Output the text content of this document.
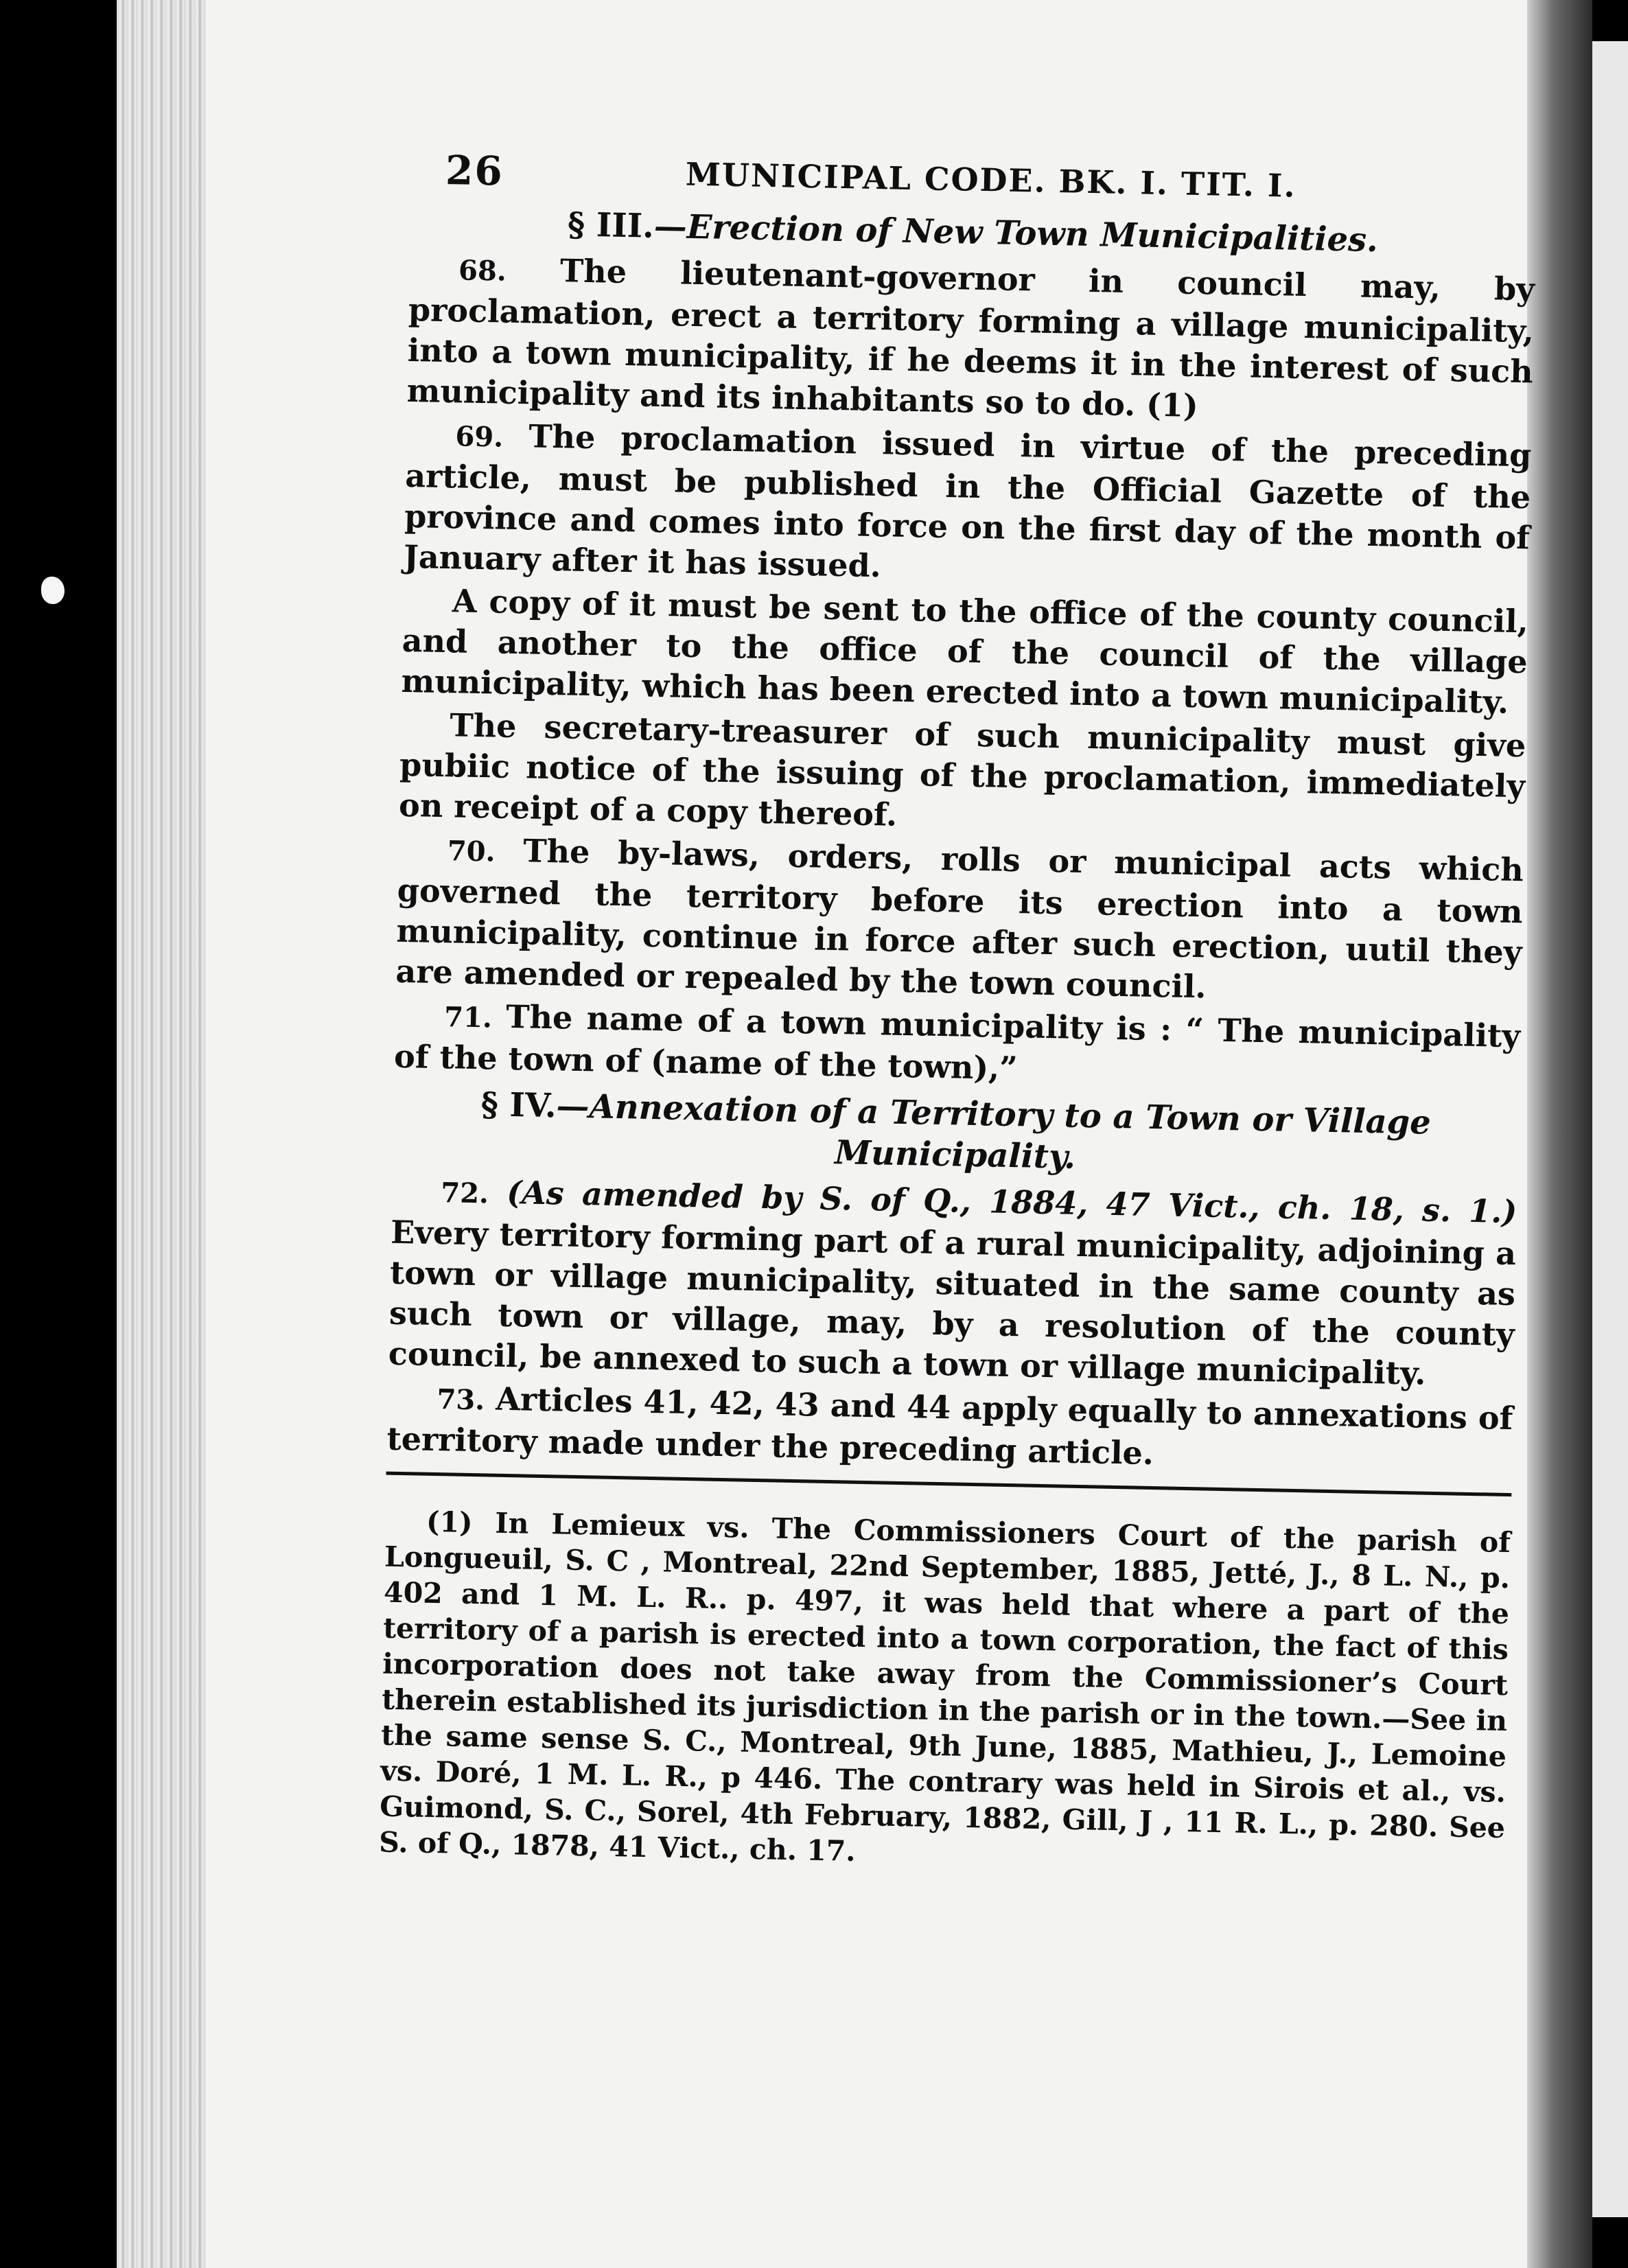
26	MUNICIPAL CODE. BK. I. TIT. I.
§ III.—Erection of New Town Municipalities.

68. The lieutenant-governor in council may, by proclamation, erect a territory forming a village municipality, into a town municipality, if he deems it in the interest of such municipality and its inhabitants so to do. (1)

69. The proclamation issued in virtue of the preceding article, must be published in the Official Gazette of the province and comes into force on the first day of the month of January after it has issued.

A copy of it must be sent to the office of the county council, and another to the office of the council of the village municipality, which has been erected into a town municipality.

The secretary-treasurer of such municipality must give pubiic notice of the issuing of the proclamation, immediately on receipt of a copy thereof.

70. The by-laws, orders, rolls or municipal acts which governed the territory before its erection into a town municipality, continue in force after such erection, uutil they are amended or repealed by the town council.

71. The name of a town municipality is : “ The municipality of the town of (name of the town),”

§ IV.—Annexation of a Territory to a Town or Village Municipality.

72. (As amended by S. of Q., 1884, 47 Vict., ch. 18, s. 1.) Every territory forming part of a rural municipality, adjoining a town or village municipality, situated in the same county as such town or village, may, by a resolution of the county council, be annexed to such a town or village municipality.

73. Articles 41, 42, 43 and 44 apply equally to annexations of territory made under the preceding article.

(1) In Lemieux vs. The Commissioners Court of the parish of Longueuil, S. C , Montreal, 22nd September, 1885, Jetté, J., 8 L. N., p. 402 and 1 M. L. R.. p. 497, it was held that where a part of the territory of a parish is erected into a town corporation, the fact of this incorporation does not take away from the Commissioner’s Court therein established its jurisdiction in the parish or in the town.—See in the same sense S. C., Montreal, 9th June, 1885, Mathieu, J., Lemoine vs. Doré, 1 M. L. R., p 446. The contrary was held in Sirois et al., vs. Guimond, S. C., Sorel, 4th February, 1882, Gill, J , 11 R. L., p. 280. See S. of Q., 1878, 41 Vict., ch. 17.
